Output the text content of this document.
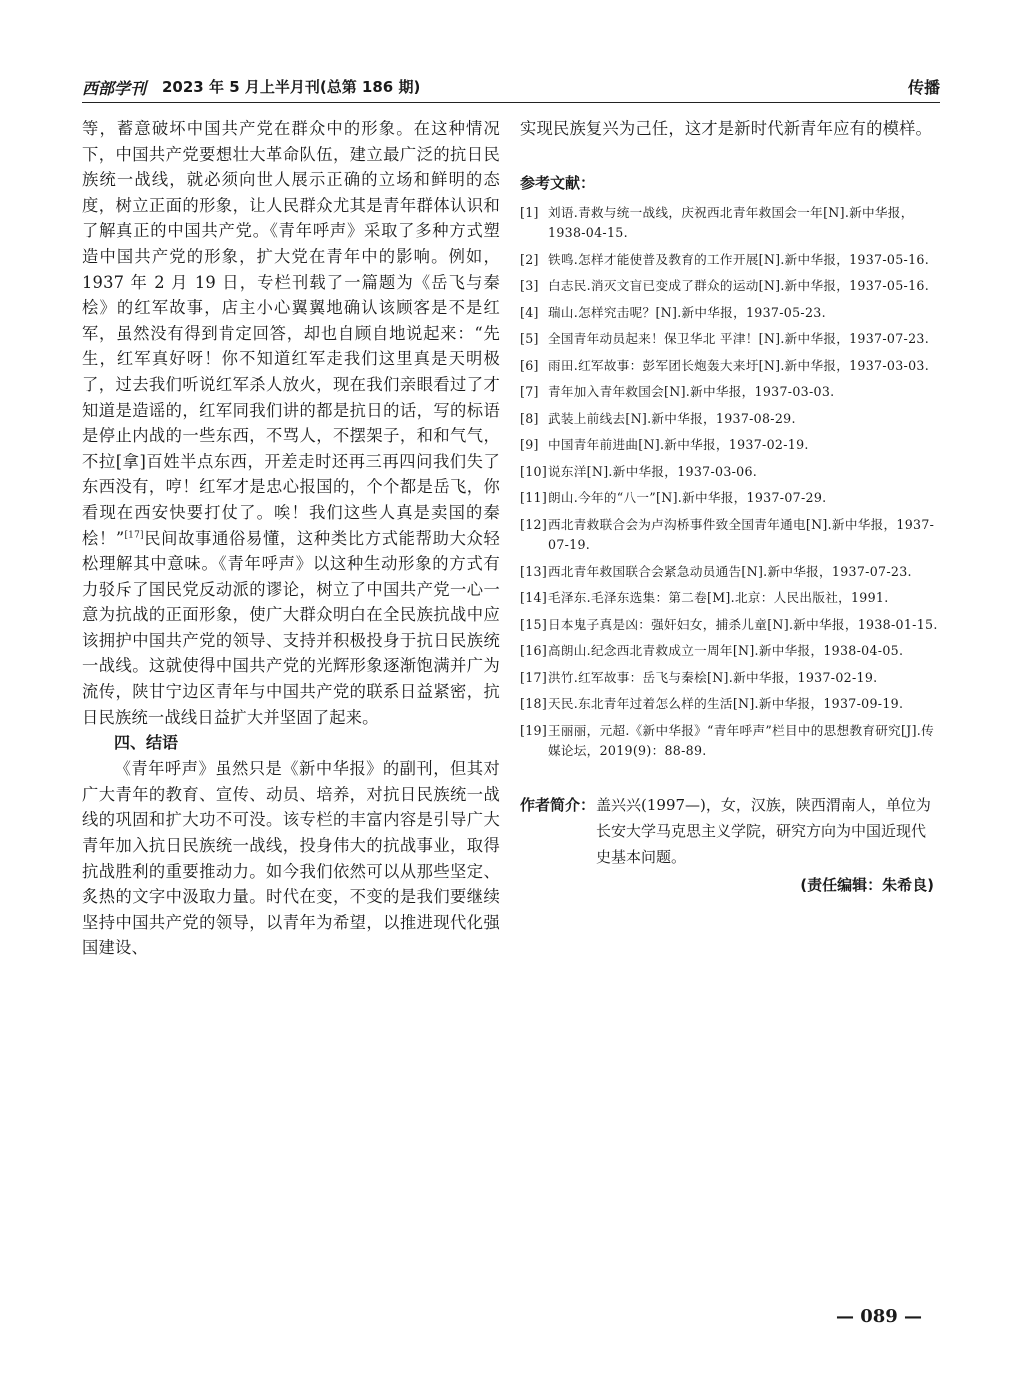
西部学刊 2023 年 5 月上半月刊(总第 186 期)	传播

等，蓄意破坏中国共产党在群众中的形象。在这种情况下，中国共产党要想壮大革命队伍，建立最广泛的抗日民族统一战线，就必须向世人展示正确的立场和鲜明的态度，树立正面的形象，让人民群众尤其是青年群体认识和了解真正的中国共产党。《青年呼声》采取了多种方式塑造中国共产党的形象，扩大党在青年中的影响。例如，1937 年 2 月 19 日，专栏刊载了一篇题为《岳飞与秦桧》的红军故事，店主小心翼翼地确认该顾客是不是红军，虽然没有得到肯定回答，却也自顾自地说起来：“先生，红军真好呀！你不知道红军走我们这里真是天明极了，过去我们听说红军杀人放火，现在我们亲眼看过了才知道是造谣的，红军同我们讲的都是抗日的话，写的标语是停止内战的一些东西，不骂人，不摆架子，和和气气，不拉[拿]百姓半点东西，开差走时还再三再四问我们失了东西没有，哼！红军才是忠心报国的，个个都是岳飞，你看现在西安快要打仗了。唉！我们这些人真是卖国的秦桧！”[17]民间故事通俗易懂，这种类比方式能帮助大众轻松理解其中意味。《青年呼声》以这种生动形象的方式有力驳斥了国民党反动派的谬论，树立了中国共产党一心一意为抗战的正面形象，使广大群众明白在全民族抗战中应该拥护中国共产党的领导、支持并积极投身于抗日民族统一战线。这就使得中国共产党的光辉形象逐渐饱满并广为流传，陕甘宁边区青年与中国共产党的联系日益紧密，抗日民族统一战线日益扩大并坚固了起来。

四、结语

《青年呼声》虽然只是《新中华报》的副刊，但其对广大青年的教育、宣传、动员、培养，对抗日民族统一战线的巩固和扩大功不可没。该专栏的丰富内容是引导广大青年加入抗日民族统一战线，投身伟大的抗战事业，取得抗战胜利的重要推动力。如今我们依然可以从那些坚定、炙热的文字中汲取力量。时代在变，不变的是我们要继续坚持中国共产党的领导，以青年为希望，以推进现代化强国建设、

实现民族复兴为己任，这才是新时代新青年应有的模样。

参考文献：

[1] 刘语.青救与统一战线，庆祝西北青年救国会一年[N].新中华报，1938-04-15.

[2] 铁鸣.怎样才能使普及教育的工作开展[N].新中华报，1937-05-16.

[3] 白志民.消灭文盲已变成了群众的运动[N].新中华报，1937-05-16.

[4] 瑞山.怎样究击呢？[N].新中华报，1937-05-23.

[5] 全国青年动员起来！保卫华北 平津！[N].新中华报，1937-07-23.

[6] 雨田.红军故事：彭军团长炮轰大来圩[N].新中华报，1937-03-03.

[7] 青年加入青年救国会[N].新中华报，1937-03-03.

[8] 武装上前线去[N].新中华报，1937-08-29.

[9] 中国青年前进曲[N].新中华报，1937-02-19.

[10]说东洋[N].新中华报，1937-03-06.

[11]朗山.今年的“八一”[N].新中华报，1937-07-29.

[12]西北青救联合会为卢沟桥事件致全国青年通电[N].新中华报，1937-07-19.

[13]西北青年救国联合会紧急动员通告[N].新中华报，1937-07-23.

[14]毛泽东.毛泽东选集：第二卷[M].北京：人民出版社，1991.

[15]日本鬼子真是凶：强奸妇女，捕杀儿童[N].新中华报，1938-01-15.

[16]高朗山.纪念西北青救成立一周年[N].新中华报，1938-04-05.

[17]洪竹.红军故事：岳飞与秦桧[N].新中华报，1937-02-19.

[18]天民.东北青年过着怎么样的生活[N].新中华报，1937-09-19.

[19]王丽丽，元超.《新中华报》“青年呼声”栏目中的思想教育研究[J].传媒论坛，2019(9)：88-89.

作者简介： 盖兴兴(1997—)，女，汉族，陕西渭南人，单位为长安大学马克思主义学院，研究方向为中国近现代史基本问题。
(责任编辑：朱希良)
— 089 —
